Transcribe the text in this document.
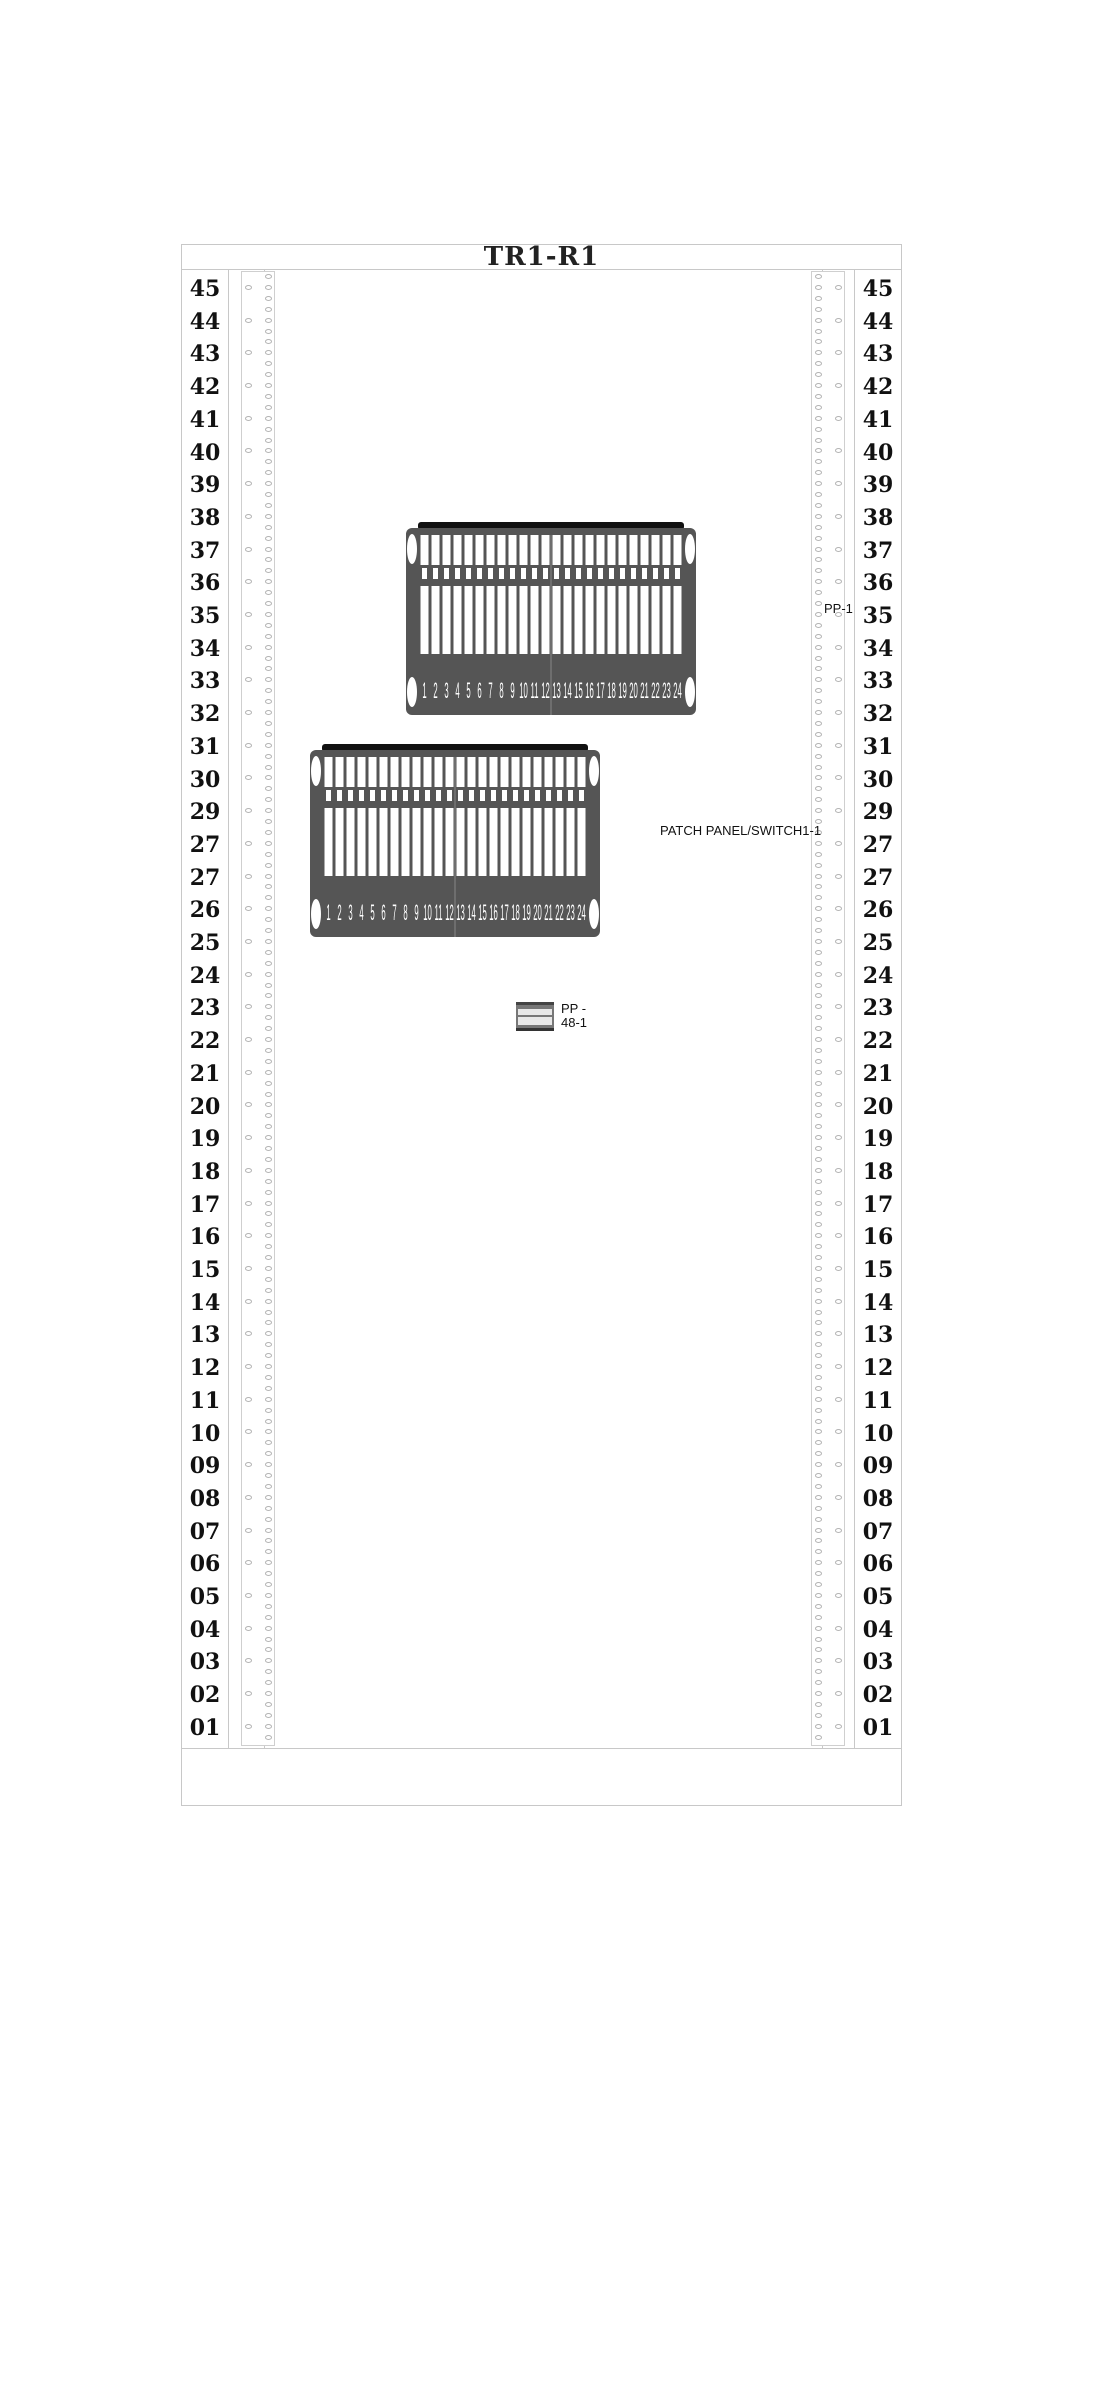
TR1-R1
45
44
43
42
41
40
39
38
37
36
35
34
33
32
31
30
29
27
27
26
25
24
23
22
21
20
19
18
17
16
15
14
13
12
11
10
09
08
07
06
05
04
03
02
01
45
44
43
42
41
40
39
38
37
36
35
34
33
32
31
30
29
27
27
26
25
24
23
22
21
20
19
18
17
16
15
14
13
12
11
10
09
08
07
06
05
04
03
02
01
1 2 3 4 5 6 7 8 9 10 11 12 13 14 15 16 17 18 19 20 21 22 23 24
PP-1
1 2 3 4 5 6 7 8 9 10 11 12 13 14 15 16 17 18 19 20 21 22 23 24
PATCH PANEL/SWITCH1-1
PP -
48-1
